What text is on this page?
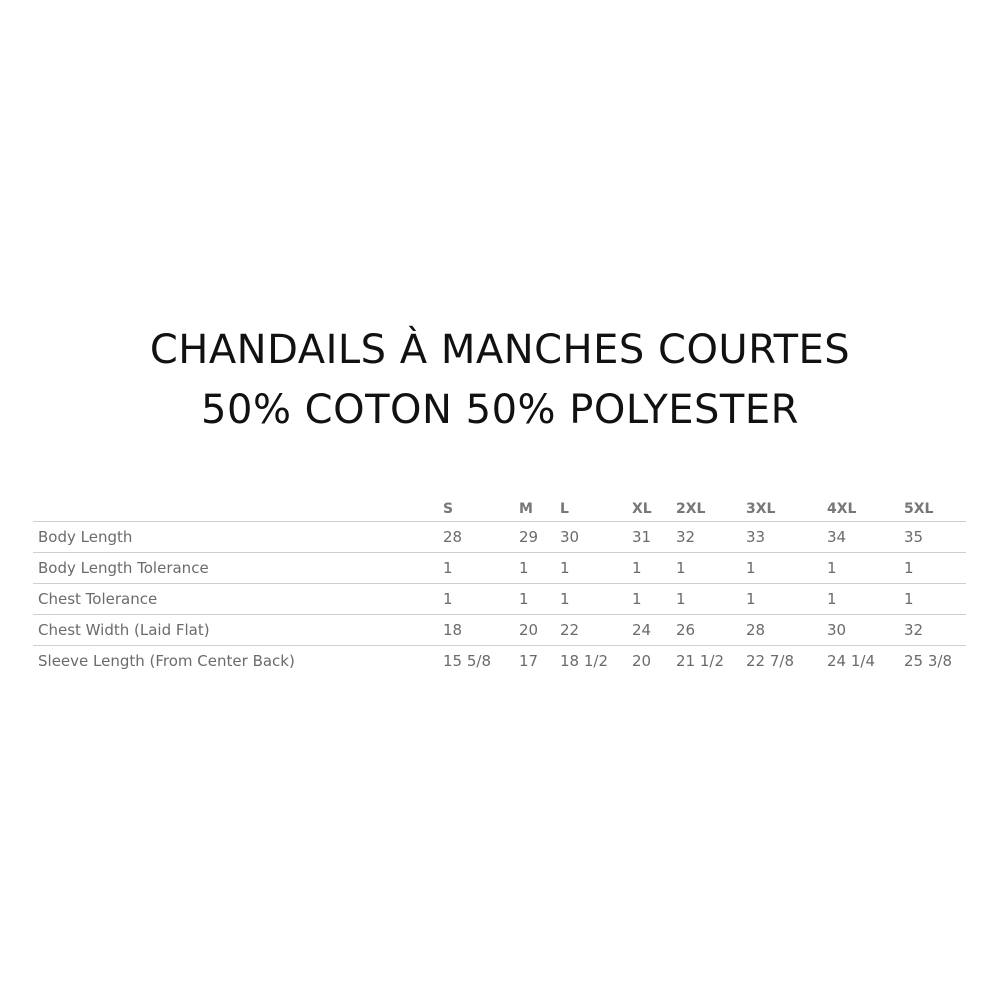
CHANDAILS À MANCHES COURTES
50% COTON 50% POLYESTER
	S	M	L	XL	2XL	3XL	4XL	5XL
Body Length	28	29	30	31	32	33	34	35
Body Length Tolerance	1	1	1	1	1	1	1	1
Chest Tolerance	1	1	1	1	1	1	1	1
Chest Width (Laid Flat)	18	20	22	24	26	28	30	32
Sleeve Length (From Center Back)	15 5/8	17	18 1/2	20	21 1/2	22 7/8	24 1/4	25 3/8
